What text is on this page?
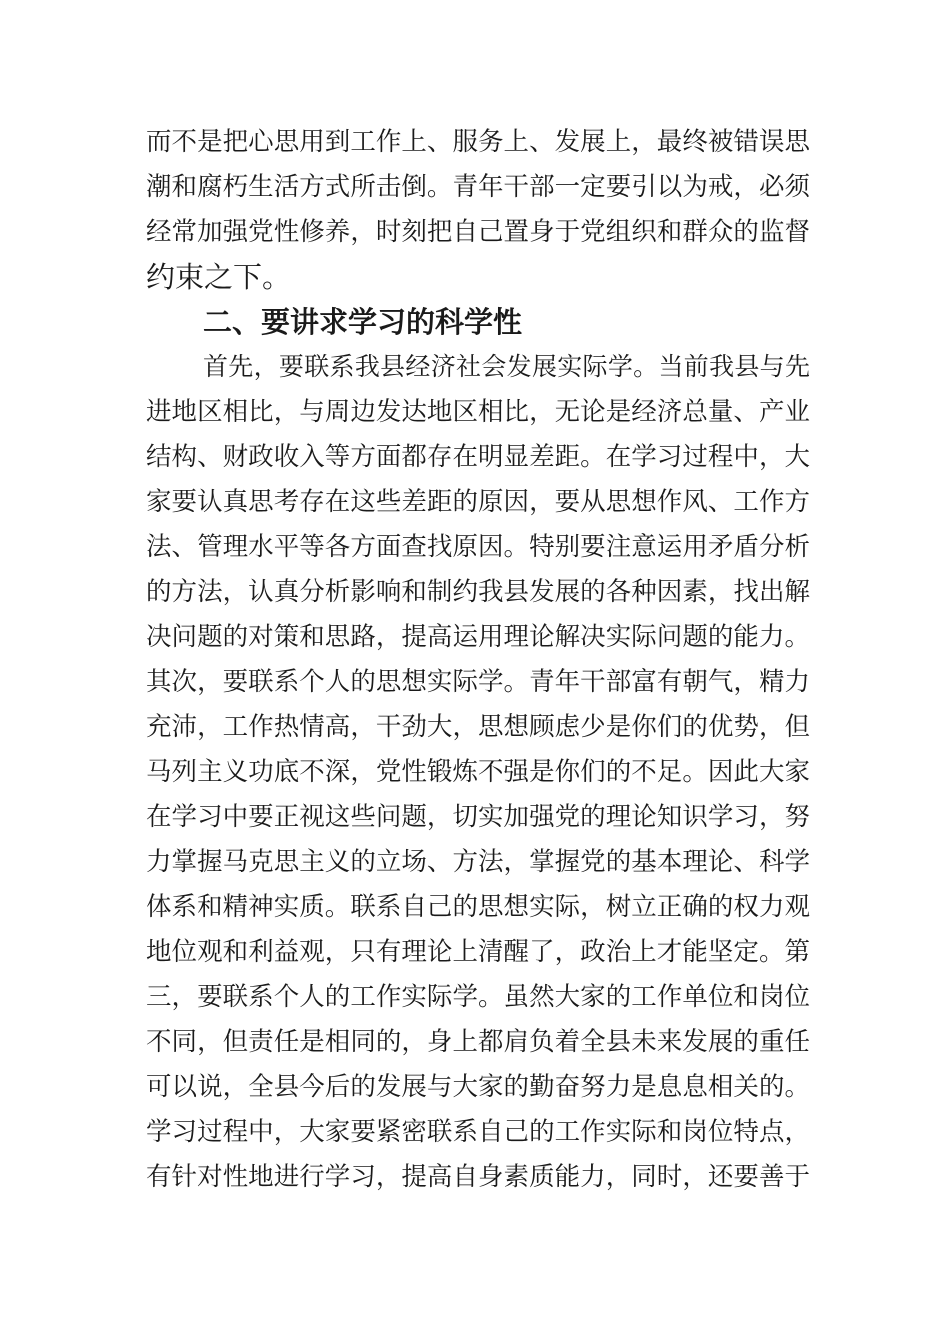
而不是把心思用到工作上、服务上、发展上，最终被错误思
潮和腐朽生活方式所击倒。青年干部一定要引以为戒，必须
经常加强党性修养，时刻把自己置身于党组织和群众的监督
约束之下。
二、要讲求学习的科学性
首先，要联系我县经济社会发展实际学。当前我县与先
进地区相比，与周边发达地区相比，无论是经济总量、产业
结构、财政收入等方面都存在明显差距。在学习过程中，大
家要认真思考存在这些差距的原因，要从思想作风、工作方
法、管理水平等各方面查找原因。特别要注意运用矛盾分析
的方法，认真分析影响和制约我县发展的各种因素，找出解
决问题的对策和思路，提高运用理论解决实际问题的能力。
其次，要联系个人的思想实际学。青年干部富有朝气，精力
充沛，工作热情高，干劲大，思想顾虑少是你们的优势，但
马列主义功底不深，党性锻炼不强是你们的不足。因此大家
在学习中要正视这些问题，切实加强党的理论知识学习，努
力掌握马克思主义的立场、方法，掌握党的基本理论、科学
体系和精神实质。联系自己的思想实际，树立正确的权力观
地位观和利益观，只有理论上清醒了，政治上才能坚定。第
三，要联系个人的工作实际学。虽然大家的工作单位和岗位
不同，但责任是相同的，身上都肩负着全县未来发展的重任
可以说，全县今后的发展与大家的勤奋努力是息息相关的。
学习过程中，大家要紧密联系自己的工作实际和岗位特点，
有针对性地进行学习，提高自身素质能力，同时，还要善于
